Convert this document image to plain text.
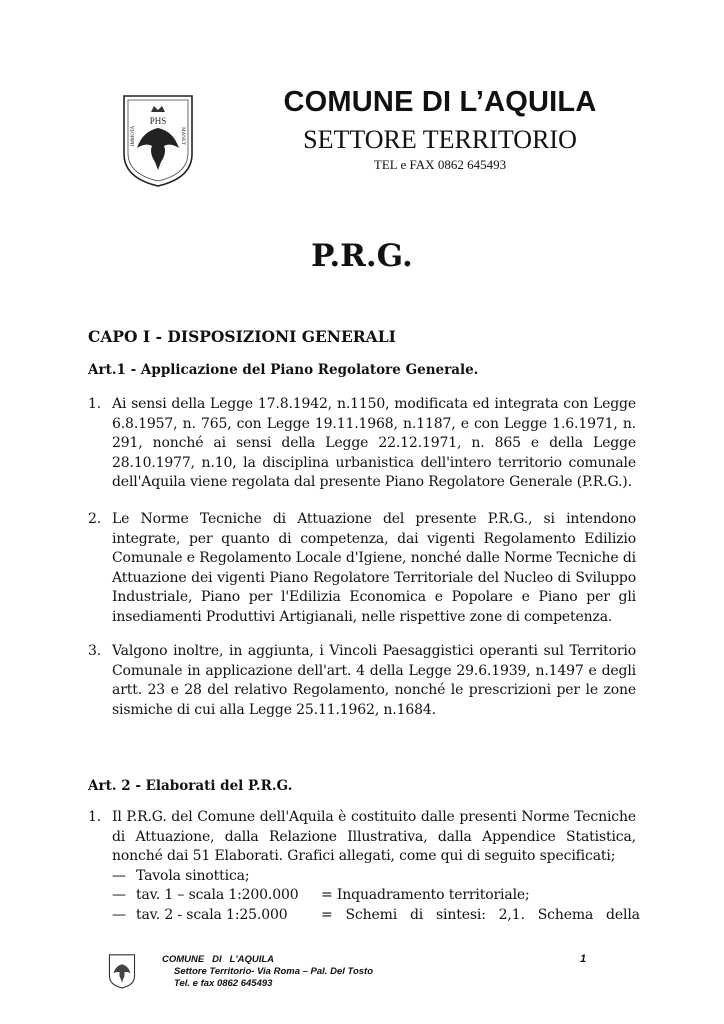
PHS
IMMOTA	MANET
COMUNE DI L’AQUILA
SETTORE TERRITORIO
TEL e FAX 0862 645493
P.R.G.
CAPO I - DISPOSIZIONI GENERALI
Art.1 - Applicazione del Piano Regolatore Generale.
1. Ai sensi della Legge 17.8.1942, n.1150, modificata ed integrata con Legge 6.8.1957, n. 765, con Legge 19.11.1968, n.1187, e con Legge 1.6.1971, n. 291, nonché ai sensi della Legge 22.12.1971, n. 865 e della Legge 28.10.1977, n.10, la disciplina urbanistica dell'intero territorio comunale dell'Aquila viene regolata dal presente Piano Regolatore Generale (P.R.G.).
2. Le Norme Tecniche di Attuazione del presente P.R.G., si intendono integrate, per quanto di competenza, dai vigenti Regolamento Edilizio Comunale e Regolamento Locale d'Igiene, nonché dalle Norme Tecniche di Attuazione dei vigenti Piano Regolatore Territoriale del Nucleo di Sviluppo Industriale, Piano per l'Edilizia Economica e Popolare e Piano per gli insediamenti Produttivi Artigianali, nelle rispettive zone di competenza.
3. Valgono inoltre, in aggiunta, i Vincoli Paesaggistici operanti sul Territorio Comunale in applicazione dell'art. 4 della Legge 29.6.1939, n.1497 e degli artt. 23 e 28 del relativo Regolamento, nonché le prescrizioni per le zone sismiche di cui alla Legge 25.11.1962, n.1684.
Art. 2 - Elaborati del P.R.G.
1. Il P.R.G. del Comune dell'Aquila è costituito dalle presenti Norme Tecniche di Attuazione, dalla Relazione Illustrativa, dalla Appendice Statistica, nonché dai 51 Elaborati. Grafici allegati, come qui di seguito specificati;
— Tavola sinottica;
— tav. 1 – scala 1:200.000 = Inquadramento territoriale;
— tav. 2 - scala 1:25.000 =   Schemi   di   sintesi:   2,1.   Schema   della
COMUNE   DI   L'AQUILA
Settore Territorio- Via Roma – Pal. Del Tosto
Tel. e fax 0862 645493
1
